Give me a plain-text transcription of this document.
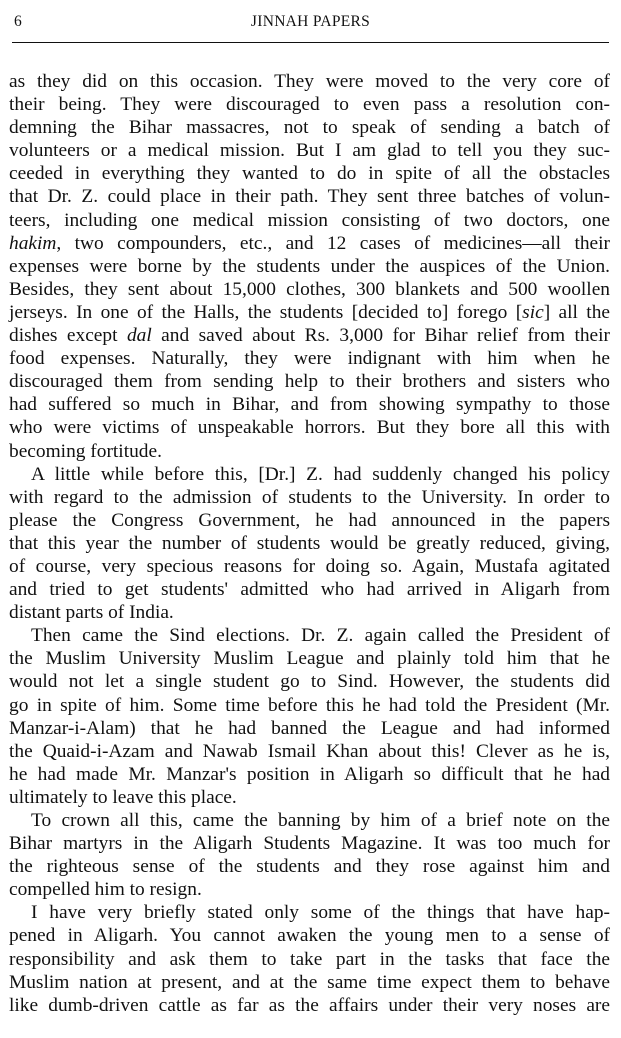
6	JINNAH PAPERS
as they did on this occasion. They were moved to the very core of
their being. They were discouraged to even pass a resolution con-
demning the Bihar massacres, not to speak of sending a batch of
volunteers or a medical mission. But I am glad to tell you they suc-
ceeded in everything they wanted to do in spite of all the obstacles
that Dr. Z. could place in their path. They sent three batches of volun-
teers, including one medical mission consisting of two doctors, one
hakim, two compounders, etc., and 12 cases of medicines—all their
expenses were borne by the students under the auspices of the Union.
Besides, they sent about 15,000 clothes, 300 blankets and 500 woollen
jerseys. In one of the Halls, the students [decided to] forego [sic] all the
dishes except dal and saved about Rs. 3,000 for Bihar relief from their
food expenses. Naturally, they were indignant with him when he
discouraged them from sending help to their brothers and sisters who
had suffered so much in Bihar, and from showing sympathy to those
who were victims of unspeakable horrors. But they bore all this with
becoming fortitude.
A little while before this, [Dr.] Z. had suddenly changed his policy
with regard to the admission of students to the University. In order to
please the Congress Government, he had announced in the papers
that this year the number of students would be greatly reduced, giving,
of course, very specious reasons for doing so. Again, Mustafa agitated
and tried to get students' admitted who had arrived in Aligarh from
distant parts of India.
Then came the Sind elections. Dr. Z. again called the President of
the Muslim University Muslim League and plainly told him that he
would not let a single student go to Sind. However, the students did
go in spite of him. Some time before this he had told the President (Mr.
Manzar-i-Alam) that he had banned the League and had informed
the Quaid-i-Azam and Nawab Ismail Khan about this! Clever as he is,
he had made Mr. Manzar's position in Aligarh so difficult that he had
ultimately to leave this place.
To crown all this, came the banning by him of a brief note on the
Bihar martyrs in the Aligarh Students Magazine. It was too much for
the righteous sense of the students and they rose against him and
compelled him to resign.
I have very briefly stated only some of the things that have hap-
pened in Aligarh. You cannot awaken the young men to a sense of
responsibility and ask them to take part in the tasks that face the
Muslim nation at present, and at the same time expect them to behave
like dumb-driven cattle as far as the affairs under their very noses are
